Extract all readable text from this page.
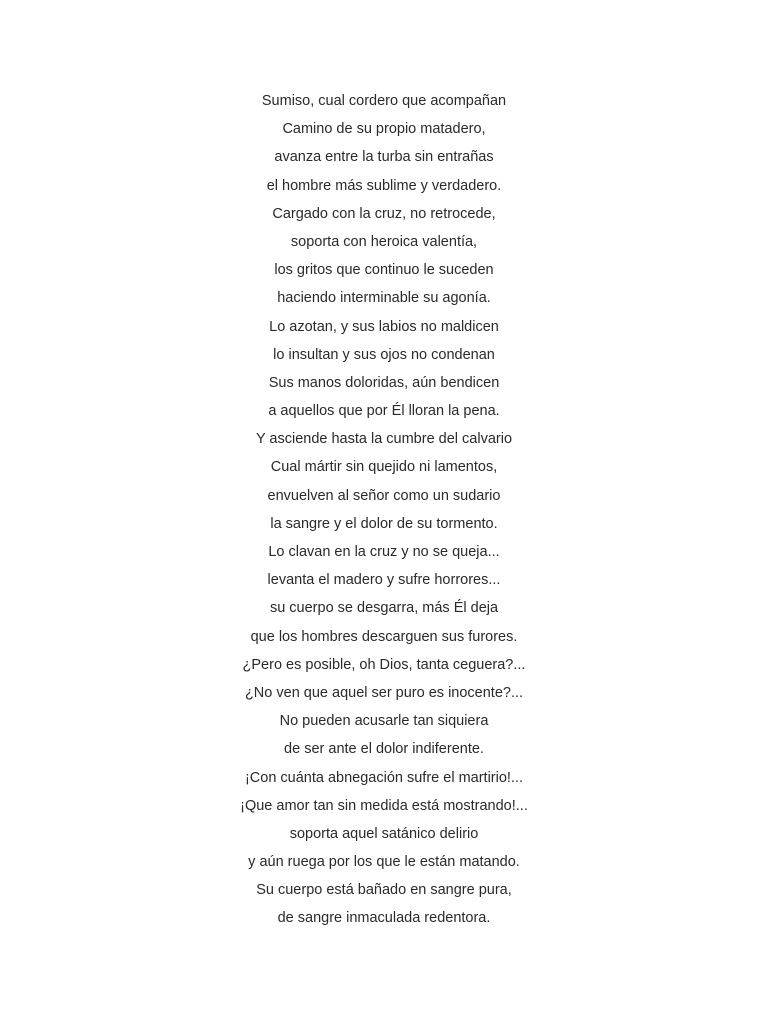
Sumiso, cual cordero que acompañan
Camino de su propio matadero,
avanza entre la turba sin entrañas
el hombre más sublime y verdadero.
Cargado con la cruz, no retrocede,
soporta con heroica valentía,
los gritos que continuo le suceden
haciendo interminable su agonía.
Lo azotan, y sus labios no maldicen
lo insultan y sus ojos no condenan
Sus manos doloridas, aún bendicen
a aquellos que por Él lloran la pena.
Y asciende hasta la cumbre del calvario
Cual mártir sin quejido ni lamentos,
envuelven al señor como un sudario
la sangre y el dolor de su tormento.
Lo clavan en la cruz y no se queja...
levanta el madero y sufre horrores...
su cuerpo se desgarra, más Él deja
que los hombres descarguen sus furores.
¿Pero es posible, oh Dios, tanta ceguera?...
¿No ven que aquel ser puro es inocente?...
No pueden acusarle tan siquiera
de ser ante el dolor indiferente.
¡Con cuánta abnegación sufre el martirio!...
¡Que amor tan sin medida está mostrando!...
soporta aquel satánico delirio
y aún ruega por los que le están matando.
Su cuerpo está bañado en sangre pura,
de sangre inmaculada redentora.
